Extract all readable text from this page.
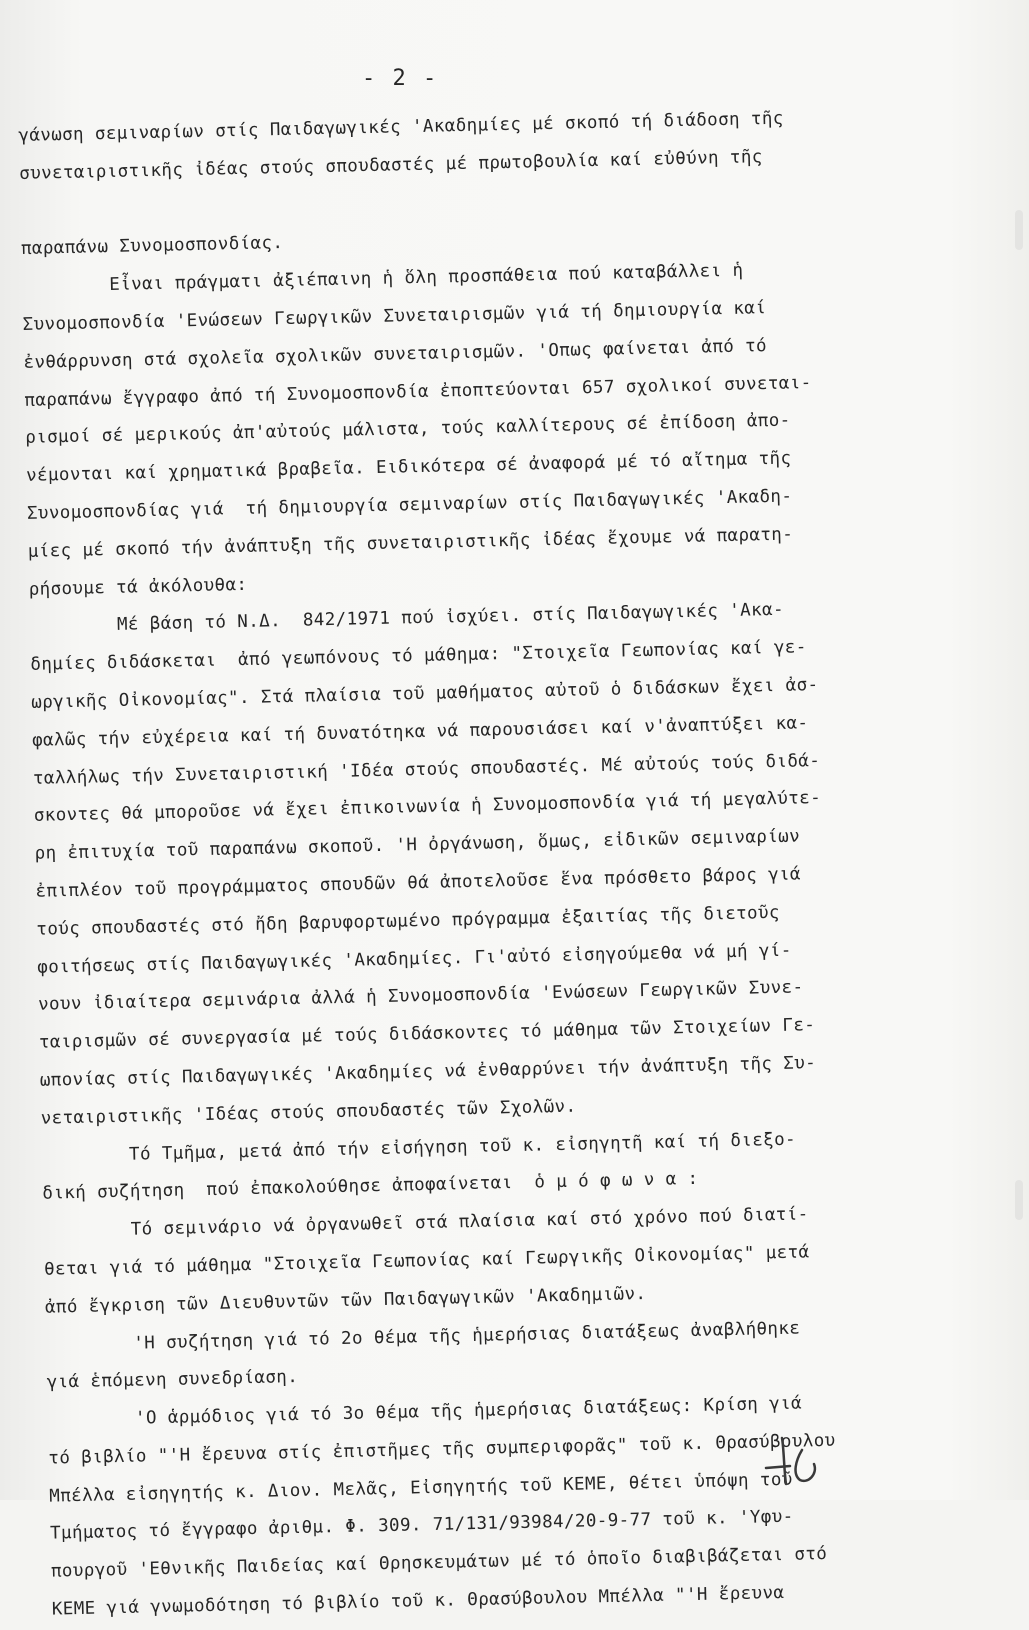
- 2 -
γάνωση σεμιναρίων στίς Παιδαγωγικές 'Ακαδημίες μέ σκοπό τή διάδοση τῆς
συνεταιριστικῆς ἰδέας στούς σπουδαστές μέ πρωτοβουλία καί εὐθύνη τῆς
παραπάνω Συνομοσπονδίας.
Εἶναι πράγματι ἀξιέπαινη ἡ ὅλη προσπάθεια πού καταβάλλει ἡ
Συνομοσπονδία 'Ενώσεων Γεωργικῶν Συνεταιρισμῶν γιά τή δημιουργία καί
ἐνθάρρυνση στά σχολεῖα σχολικῶν συνεταιρισμῶν. 'Οπως φαίνεται ἀπό τό
παραπάνω ἔγγραφο ἀπό τή Συνομοσπονδία ἐποπτεύονται 657 σχολικοί συνεται-
ρισμοί σέ μερικούς ἀπ'αὐτούς μάλιστα, τούς καλλίτερους σέ ἐπίδοση ἀπο-
νέμονται καί χρηματικά βραβεῖα. Ειδικότερα σέ ἀναφορά μέ τό αἴτημα τῆς
Συνομοσπονδίας γιά  τή δημιουργία σεμιναρίων στίς Παιδαγωγικές 'Ακαδη-
μίες μέ σκοπό τήν ἀνάπτυξη τῆς συνεταιριστικῆς ἰδέας ἔχουμε νά παρατη-
ρήσουμε τά ἀκόλουθα:
Μέ βάση τό Ν.Δ.  842/1971 πού ἰσχύει. στίς Παιδαγωγικές 'Ακα-
δημίες διδάσκεται  ἀπό γεωπόνους τό μάθημα: "Στοιχεῖα Γεωπονίας καί γε-
ωργικῆς Οἰκονομίας". Στά πλαίσια τοῦ μαθήματος αὐτοῦ ὁ διδάσκων ἔχει ἀσ-
φαλῶς τήν εὐχέρεια καί τή δυνατότηκα νά παρουσιάσει καί ν'ἀναπτύξει κα-
ταλλήλως τήν Συνεταιριστική 'Ιδέα στούς σπουδαστές. Μέ αὐτούς τούς διδά-
σκοντες θά μποροῦσε νά ἔχει ἐπικοινωνία ἡ Συνομοσπονδία γιά τή μεγαλύτε-
ρη ἐπιτυχία τοῦ παραπάνω σκοποῦ. 'Η ὀργάνωση, ὅμως, εἰδικῶν σεμιναρίων
ἐπιπλέον τοῦ προγράμματος σπουδῶν θά ἀποτελοῦσε ἕνα πρόσθετο βάρος γιά
τούς σπουδαστές στό ἤδη βαρυφορτωμένο πρόγραμμα ἐξαιτίας τῆς διετοῦς
φοιτήσεως στίς Παιδαγωγικές 'Ακαδημίες. Γι'αὐτό εἰσηγούμεθα νά μή γί-
νουν ἰδιαίτερα σεμινάρια ἀλλά ἡ Συνομοσπονδία 'Ενώσεων Γεωργικῶν Συνε-
ταιρισμῶν σέ συνεργασία μέ τούς διδάσκοντες τό μάθημα τῶν Στοιχείων Γε-
ωπονίας στίς Παιδαγωγικές 'Ακαδημίες νά ἐνθαρρύνει τήν ἀνάπτυξη τῆς Συ-
νεταιριστικῆς 'Ιδέας στούς σπουδαστές τῶν Σχολῶν.
Τό Τμῆμα, μετά ἀπό τήν εἰσήγηση τοῦ κ. εἰσηγητῆ καί τή διεξο-
δική συζήτηση  πού ἐπακολούθησε ἀποφαίνεται  ὁ μ ό φ ω ν α :
Τό σεμινάριο νά ὀργανωθεῖ στά πλαίσια καί στό χρόνο πού διατί-
θεται γιά τό μάθημα "Στοιχεῖα Γεωπονίας καί Γεωργικῆς Οἰκονομίας" μετά
ἀπό ἔγκριση τῶν Διευθυντῶν τῶν Παιδαγωγικῶν 'Ακαδημιῶν.
'Η συζήτηση γιά τό 2ο θέμα τῆς ἡμερήσιας διατάξεως ἀναβλήθηκε
γιά ἑπόμενη συνεδρίαση.
'Ο ἁρμόδιος γιά τό 3ο θέμα τῆς ἡμερήσιας διατάξεως: Κρίση γιά
τό βιβλίο "'Η ἔρευνα στίς ἐπιστῆμες τῆς συμπεριφορᾶς" τοῦ κ. Θρασύβουλου
Μπέλλα εἰσηγητής κ. Διον. Μελᾶς, Εἰσηγητής τοῦ ΚΕΜΕ, θέτει ὑπόψη τοῦ
Τμήματος τό ἔγγραφο ἀριθμ. Φ. 309. 71/131/93984/20-9-77 τοῦ κ. 'Υφυ-
πουργοῦ 'Εθνικῆς Παιδείας καί Θρησκευμάτων μέ τό ὁποῖο διαβιβάζεται στό
ΚΕΜΕ γιά γνωμοδότηση τό βιβλίο τοῦ κ. Θρασύβουλου Μπέλλα "'Η ἔρευνα
